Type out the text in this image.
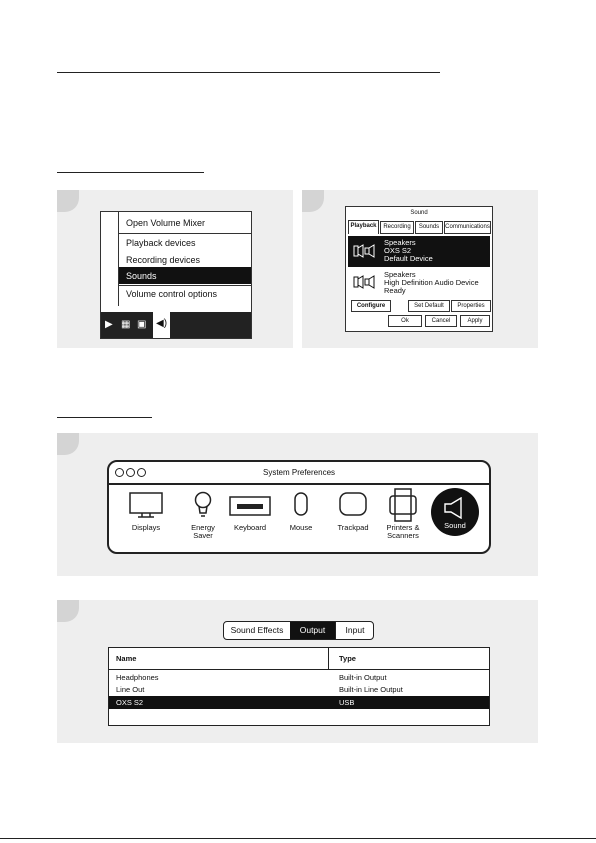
Open Volume Mixer
Playback devices
Recording devices
Sounds
Volume control options
▶ ▦ ▣ ◀)
Sound
Playback	Recording	Sounds Communications
Speakers
OXS S2
Default Device
Speakers
High Definition Audio Device
Ready
Configure	Set Default	Properties
Ok	Cancel	Apply
System Preferences
Displays	Energy
Saver
Keyboard	Mouse	Trackpad	Printers &
Scanners
Sound
Sound Effects	Output	Input
Name	Type
Headphones	Built-in Output
Line Out	Built-in Line Output
OXS S2	USB
